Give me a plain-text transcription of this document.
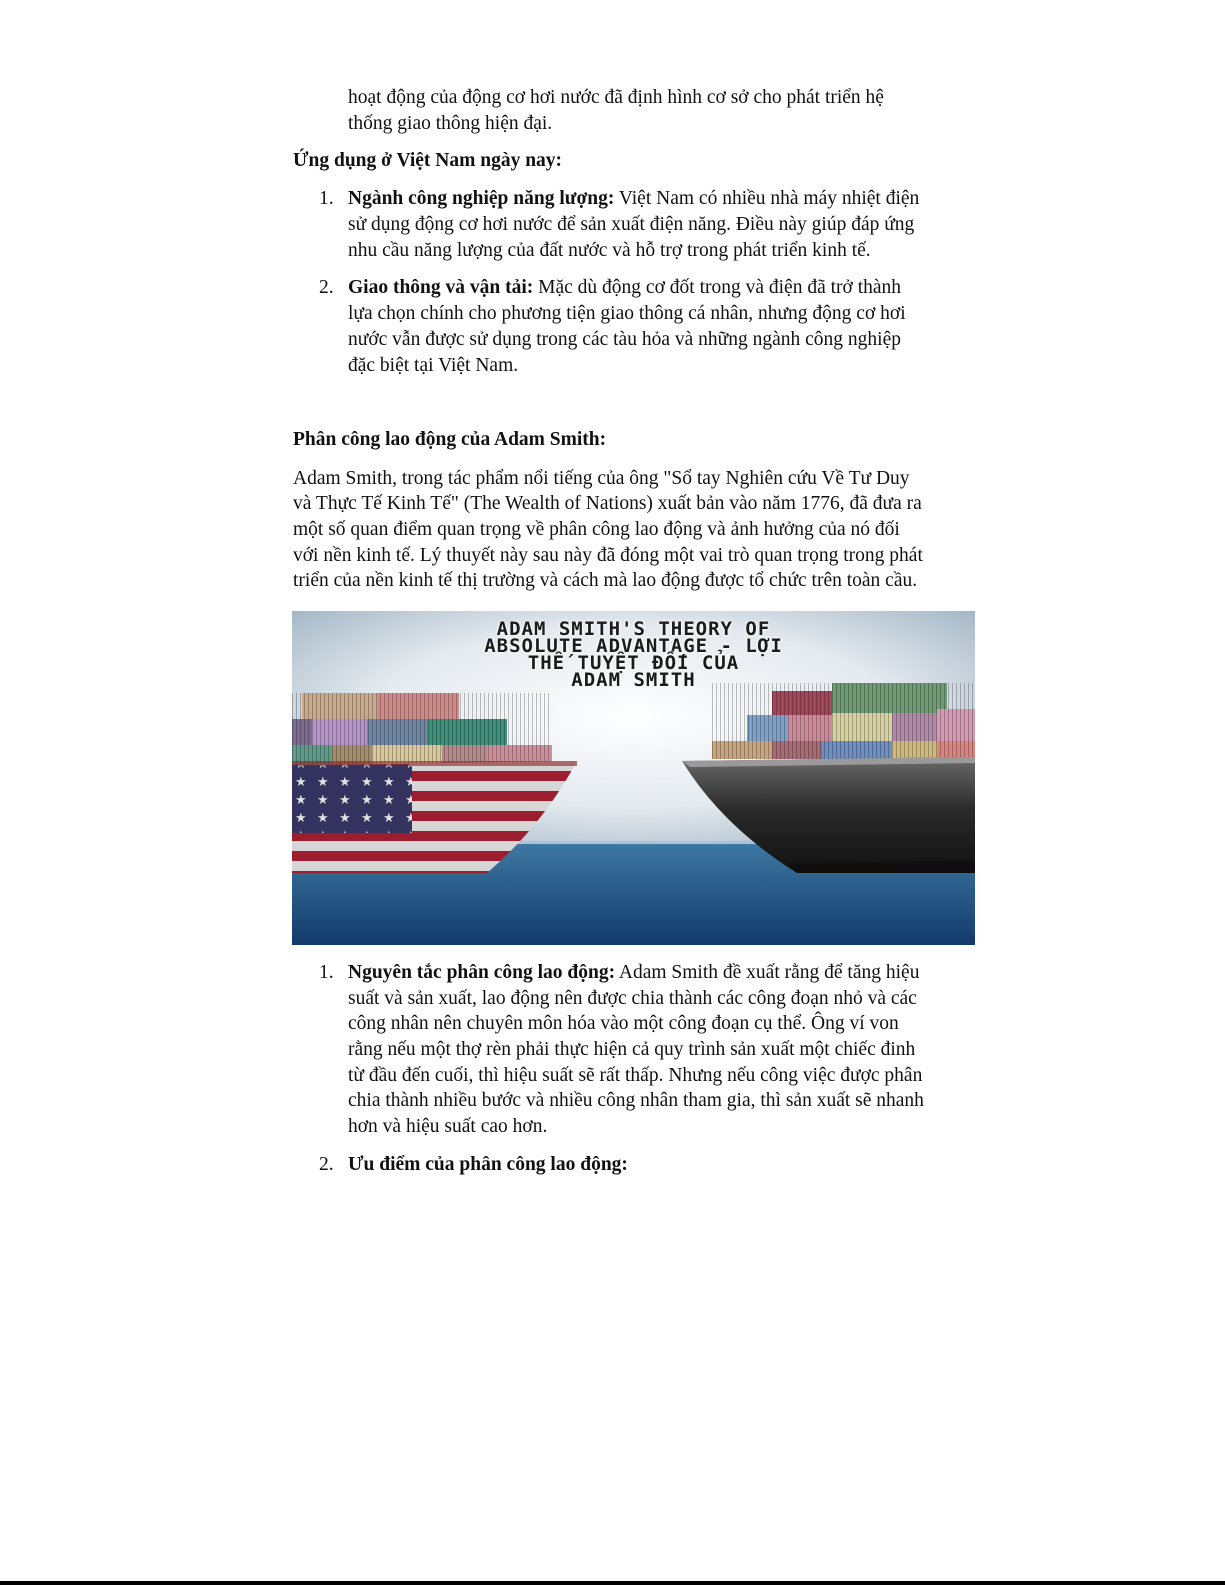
hoạt động của động cơ hơi nước đã định hình cơ sở cho phát triển hệ

thống giao thông hiện đại.

Ứng dụng ở Việt Nam ngày nay:

1. Ngành công nghiệp năng lượng: Việt Nam có nhiều nhà máy nhiệt điện

sử dụng động cơ hơi nước để sản xuất điện năng. Điều này giúp đáp ứng

nhu cầu năng lượng của đất nước và hỗ trợ trong phát triển kinh tế.

2. Giao thông và vận tải: Mặc dù động cơ đốt trong và điện đã trở thành

lựa chọn chính cho phương tiện giao thông cá nhân, nhưng động cơ hơi

nước vẫn được sử dụng trong các tàu hỏa và những ngành công nghiệp

đặc biệt tại Việt Nam.

Phân công lao động của Adam Smith:

Adam Smith, trong tác phẩm nổi tiếng của ông "Sổ tay Nghiên cứu Về Tư Duy

và Thực Tế Kinh Tế" (The Wealth of Nations) xuất bản vào năm 1776, đã đưa ra

một số quan điểm quan trọng về phân công lao động và ảnh hưởng của nó đối

với nền kinh tế. Lý thuyết này sau này đã đóng một vai trò quan trọng trong phát

triển của nền kinh tế thị trường và cách mà lao động được tổ chức trên toàn cầu.

ADAM SMITH'S THEORY OF
ABSOLUTE ADVANTAGE - LỢI
THẾ TUYỆT ĐỐI CỦA
ADAM SMITH
1. Nguyên tắc phân công lao động: Adam Smith đề xuất rằng để tăng hiệu

suất và sản xuất, lao động nên được chia thành các công đoạn nhỏ và các

công nhân nên chuyên môn hóa vào một công đoạn cụ thể. Ông ví von

rằng nếu một thợ rèn phải thực hiện cả quy trình sản xuất một chiếc đinh

từ đầu đến cuối, thì hiệu suất sẽ rất thấp. Nhưng nếu công việc được phân

chia thành nhiều bước và nhiều công nhân tham gia, thì sản xuất sẽ nhanh

hơn và hiệu suất cao hơn.

2. Ưu điểm của phân công lao động:
